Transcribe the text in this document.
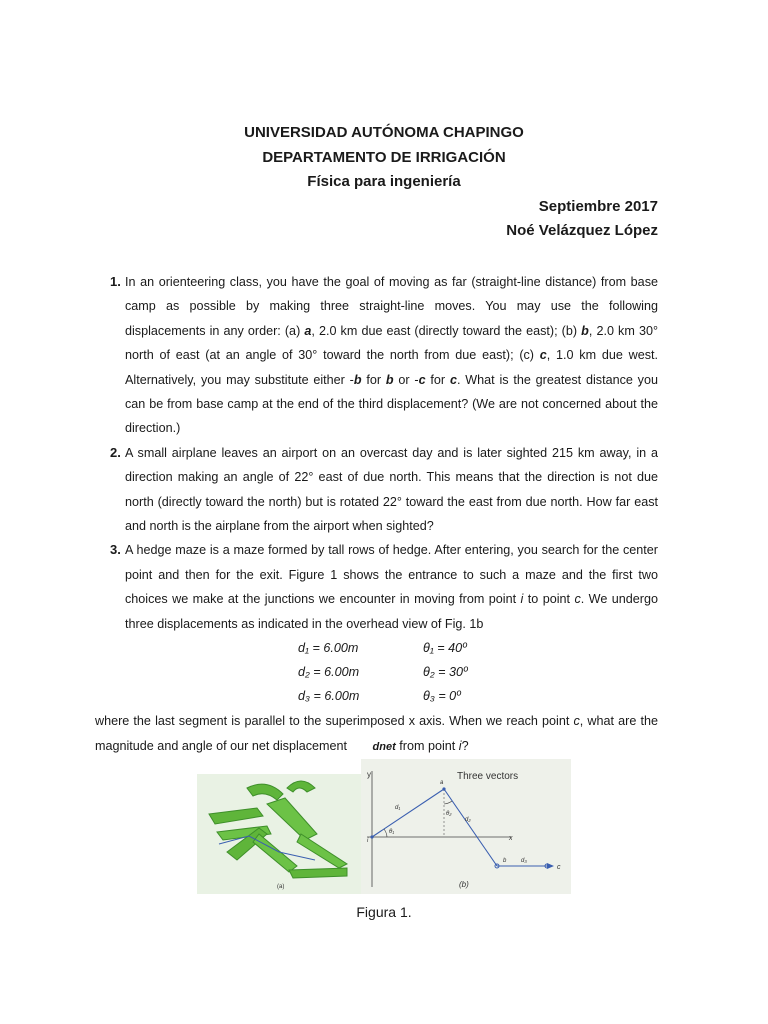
UNIVERSIDAD AUTÓNOMA CHAPINGO
DEPARTAMENTO DE IRRIGACIÓN
Física para ingeniería
Septiembre 2017
Noé Velázquez López
1. In an orienteering class, you have the goal of moving as far (straight-line distance) from base camp as possible by making three straight-line moves. You may use the following displacements in any order: (a) a, 2.0 km due east (directly toward the east); (b) b, 2.0 km 30° north of east (at an angle of 30° toward the north from due east); (c) c, 1.0 km due west. Alternatively, you may substitute either -b for b or -c for c. What is the greatest distance you can be from base camp at the end of the third displacement? (We are not concerned about the direction.)
2. A small airplane leaves an airport on an overcast day and is later sighted 215 km away, in a direction making an angle of 22° east of due north. This means that the direction is not due north (directly toward the north) but is rotated 22° toward the east from due north. How far east and north is the airplane from the airport when sighted?
3. A hedge maze is a maze formed by tall rows of hedge. After entering, you search for the center point and then for the exit. Figure 1 shows the entrance to such a maze and the first two choices we make at the junctions we encounter in moving from point i to point c. We undergo three displacements as indicated in the overhead view of Fig. 1b
d₁ = 6.00m	θ₁ = 40º
d₂ = 6.00m	θ₂ = 30º
d₃ = 6.00m	θ₃ = 0º
where the last segment is parallel to the superimposed x axis. When we reach point c, what are the magnitude and angle of our net displacement dnet from point i?
(a)
y
x
i
a
b
c
d₁
d₂
d₃
θ₁
θ₂
Three vectors
(b)
Figura 1.
